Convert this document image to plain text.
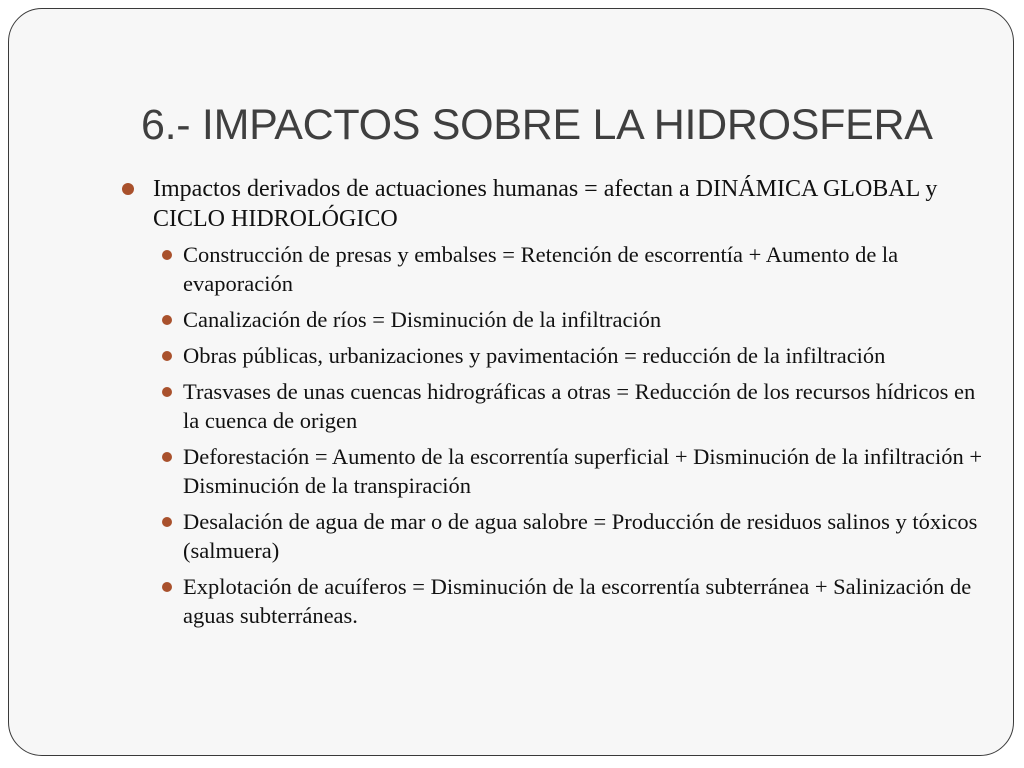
6.- IMPACTOS SOBRE LA HIDROSFERA
Impactos derivados de actuaciones humanas = afectan a DINÁMICA GLOBAL y CICLO HIDROLÓGICO
Construcción de presas y embalses = Retención de escorrentía + Aumento de la evaporación
Canalización de ríos = Disminución de la infiltración
Obras públicas, urbanizaciones y pavimentación = reducción de la infiltración
Trasvases de unas cuencas hidrográficas a otras = Reducción de los recursos hídricos en la cuenca de origen
Deforestación = Aumento de la escorrentía superficial + Disminución de la infiltración + Disminución de la transpiración
Desalación de agua de mar o de agua salobre = Producción de residuos salinos y tóxicos (salmuera)
Explotación de acuíferos = Disminución de la escorrentía subterránea + Salinización de aguas subterráneas.
